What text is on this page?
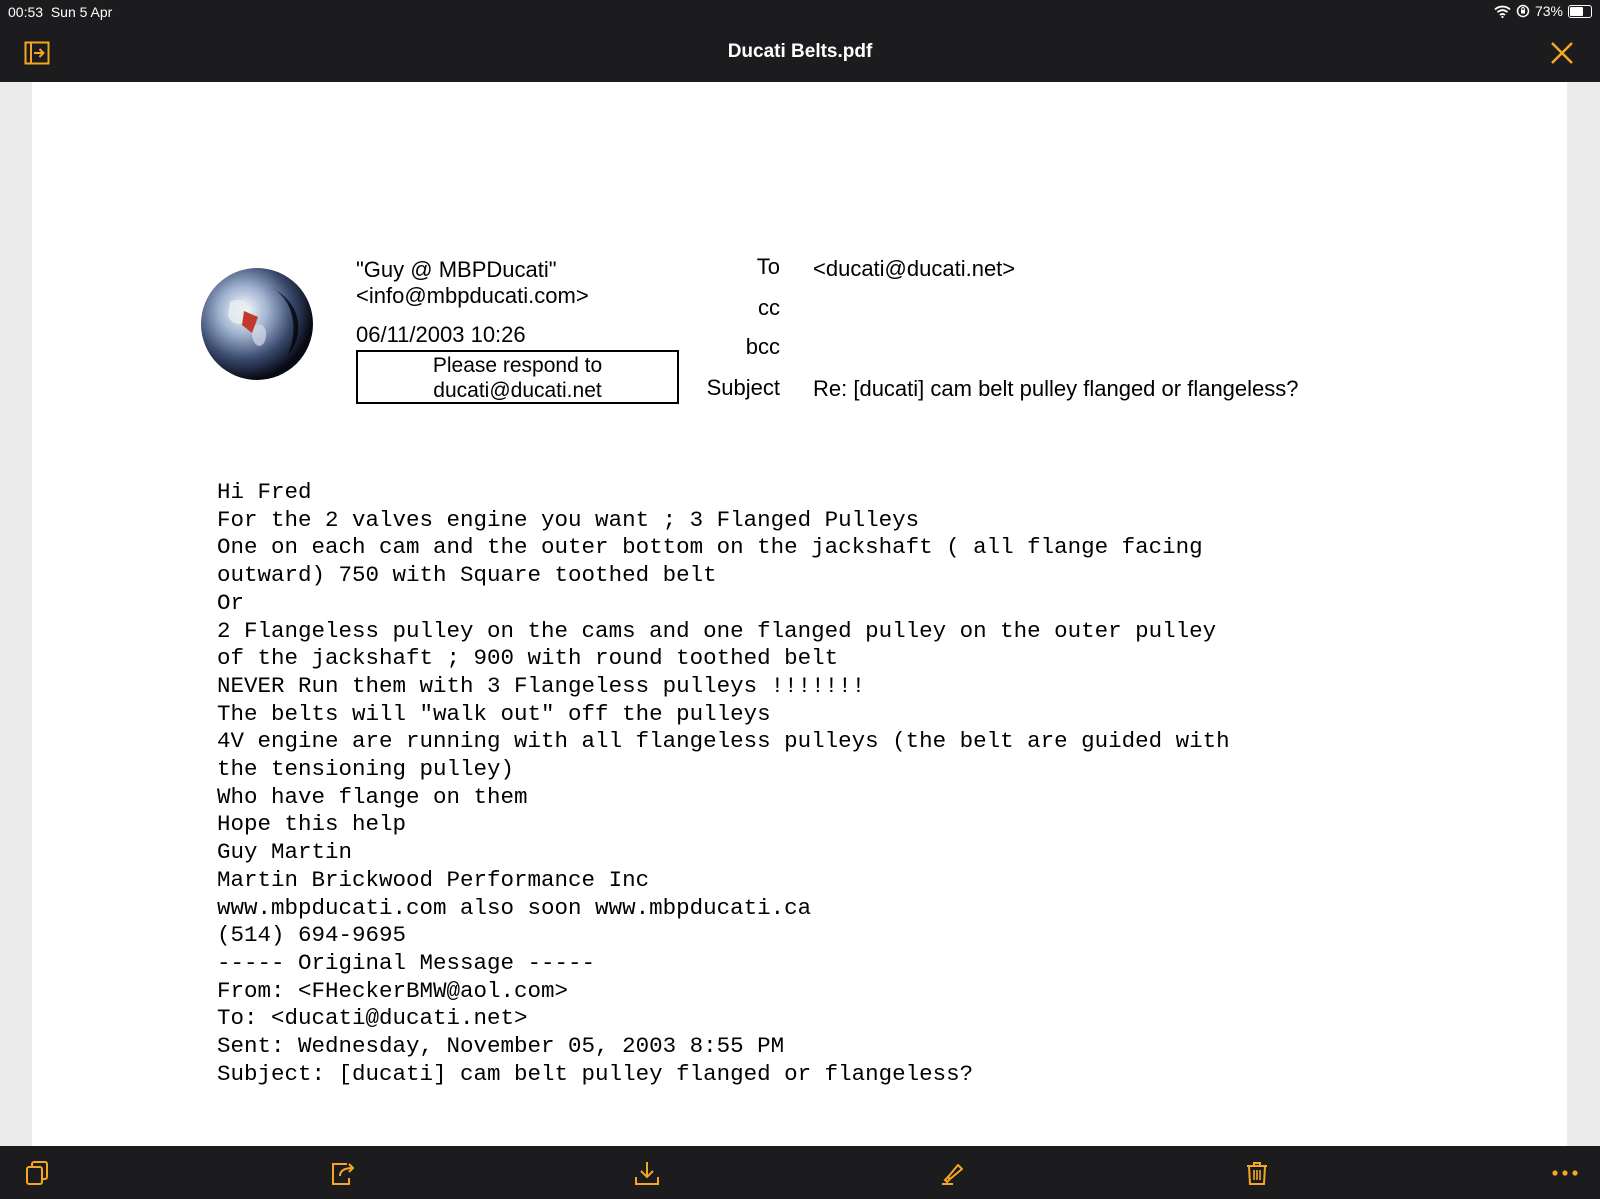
00:53 Sun 5 Apr	73%
Ducati Belts.pdf
"Guy @ MBPDucati"
<info@mbpducati.com>
06/11/2003 10:26
Please respond to
ducati@ducati.net
To <ducati@ducati.net>
cc
bcc
Subject Re: [ducati] cam belt pulley flanged or flangeless?
Hi Fred
For the 2 valves engine you want ; 3 Flanged Pulleys
One on each cam and the outer bottom on the jackshaft ( all flange facing
outward) 750 with Square toothed belt
Or
2 Flangeless pulley on the cams and one flanged pulley on the outer pulley
of the jackshaft ; 900 with round toothed belt
NEVER Run them with 3 Flangeless pulleys !!!!!!!
The belts will "walk out" off the pulleys
4V engine are running with all flangeless pulleys (the belt are guided with
the tensioning pulley)
Who have flange on them
Hope this help
Guy Martin
Martin Brickwood Performance Inc
www.mbpducati.com also soon www.mbpducati.ca
(514) 694-9695
----- Original Message -----
From: <FHeckerBMW@aol.com>
To: <ducati@ducati.net>
Sent: Wednesday, November 05, 2003 8:55 PM
Subject: [ducati] cam belt pulley flanged or flangeless?
